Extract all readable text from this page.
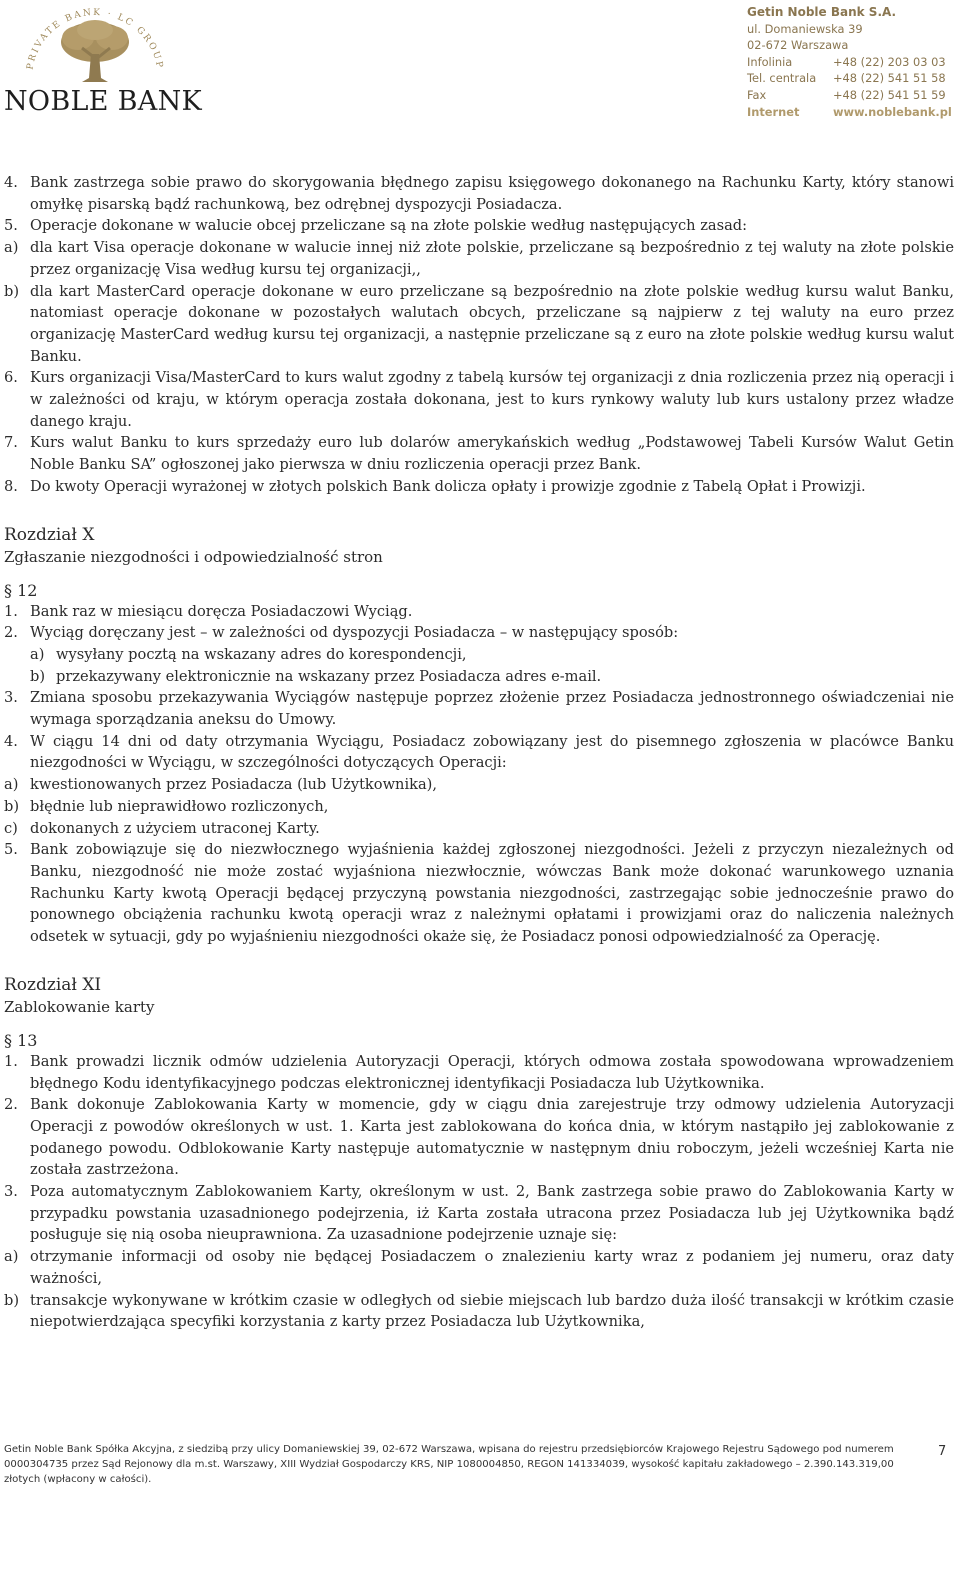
PRIVATE BANK · LC GROUP
NOBLE BANK
Getin Noble Bank S.A.
ul. Domaniewska 39
02-672 Warszawa
Infolinia	+48 (22) 203 03 03
Tel. centrala	+48 (22) 541 51 58
Fax	+48 (22) 541 51 59
Internet	www.noblebank.pl
4. Bank zastrzega sobie prawo do skorygowania błędnego zapisu księgowego dokonanego na Rachunku Karty, który stanowi omyłkę pisarską bądź rachunkową, bez odrębnej dyspozycji Posiadacza.
5. Operacje dokonane w walucie obcej przeliczane są na złote polskie według następujących zasad:
a) dla kart Visa operacje dokonane w walucie innej niż złote polskie, przeliczane są bezpośrednio z tej waluty na złote polskie przez organizację Visa według kursu tej organizacji,,
b) dla kart MasterCard operacje dokonane w euro przeliczane są bezpośrednio na złote polskie według kursu walut Banku, natomiast operacje dokonane w pozostałych walutach obcych, przeliczane są najpierw z tej waluty na euro przez organizację MasterCard według kursu tej organizacji, a następnie przeliczane są z euro na złote polskie według kursu walut Banku.
6. Kurs organizacji Visa/MasterCard to kurs walut zgodny z tabelą kursów tej organizacji z dnia rozliczenia przez nią operacji i w zależności od kraju, w którym operacja została dokonana, jest to kurs rynkowy waluty lub kurs ustalony przez władze danego kraju.
7. Kurs walut Banku to kurs sprzedaży euro lub dolarów amerykańskich według „Podstawowej Tabeli Kursów Walut Getin Noble Banku SA” ogłoszonej jako pierwsza w dniu rozliczenia operacji przez Bank.
8. Do kwoty Operacji wyrażonej w złotych polskich Bank dolicza opłaty i prowizje zgodnie z Tabelą Opłat i Prowizji.
Rozdział X
Zgłaszanie niezgodności i odpowiedzialność stron
§ 12
1. Bank raz w miesiącu doręcza Posiadaczowi Wyciąg.
2. Wyciąg doręczany jest – w zależności od dyspozycji Posiadacza – w następujący sposób:
a) wysyłany pocztą na wskazany adres do korespondencji,
b) przekazywany elektronicznie na wskazany przez Posiadacza adres e-mail.
3. Zmiana sposobu przekazywania Wyciągów następuje poprzez złożenie przez Posiadacza jednostronnego oświadczeniai nie wymaga sporządzania aneksu do Umowy.
4. W ciągu 14 dni od daty otrzymania Wyciągu, Posiadacz zobowiązany jest do pisemnego zgłoszenia w placówce Banku niezgodności w Wyciągu, w szczególności dotyczących Operacji:
a) kwestionowanych przez Posiadacza (lub Użytkownika),
b) błędnie lub nieprawidłowo rozliczonych,
c) dokonanych z użyciem utraconej Karty.
5. Bank zobowiązuje się do niezwłocznego wyjaśnienia każdej zgłoszonej niezgodności. Jeżeli z przyczyn niezależnych od Banku, niezgodność nie może zostać wyjaśniona niezwłocznie, wówczas Bank może dokonać warunkowego uznania Rachunku Karty kwotą Operacji będącej przyczyną powstania niezgodności, zastrzegając sobie jednocześnie prawo do ponownego obciążenia rachunku kwotą operacji wraz z należnymi opłatami i prowizjami oraz do naliczenia należnych odsetek w sytuacji, gdy po wyjaśnieniu niezgodności okaże się, że Posiadacz ponosi odpowiedzialność za Operację.
Rozdział XI
Zablokowanie karty
§ 13
1. Bank prowadzi licznik odmów udzielenia Autoryzacji Operacji, których odmowa została spowodowana wprowadzeniem błędnego Kodu identyfikacyjnego podczas elektronicznej identyfikacji Posiadacza lub Użytkownika.
2. Bank dokonuje Zablokowania Karty w momencie, gdy w ciągu dnia zarejestruje trzy odmowy udzielenia Autoryzacji Operacji z powodów określonych w ust. 1. Karta jest zablokowana do końca dnia, w którym nastąpiło jej zablokowanie z podanego powodu. Odblokowanie Karty następuje automatycznie w następnym dniu roboczym, jeżeli wcześniej Karta nie została zastrzeżona.
3. Poza automatycznym Zablokowaniem Karty, określonym w ust. 2, Bank zastrzega sobie prawo do Zablokowania Karty w przypadku powstania uzasadnionego podejrzenia, iż Karta została utracona przez Posiadacza lub jej Użytkownika bądź posługuje się nią osoba nieuprawniona. Za uzasadnione podejrzenie uznaje się:
a) otrzymanie informacji od osoby nie będącej Posiadaczem o znalezieniu karty wraz z podaniem jej numeru, oraz daty ważności,
b) transakcje wykonywane w krótkim czasie w odległych od siebie miejscach lub bardzo duża ilość transakcji w krótkim czasie niepotwierdzająca specyfiki korzystania z karty przez Posiadacza lub Użytkownika,
Getin Noble Bank Spółka Akcyjna, z siedzibą przy ulicy Domaniewskiej 39, 02-672 Warszawa, wpisana do rejestru przedsiębiorców Krajowego Rejestru Sądowego pod numerem 0000304735 przez Sąd Rejonowy dla m.st. Warszawy, XIII Wydział Gospodarczy KRS, NIP 1080004850, REGON 141334039, wysokość kapitału zakładowego – 2.390.143.319,00 złotych (wpłacony w całości).
7
